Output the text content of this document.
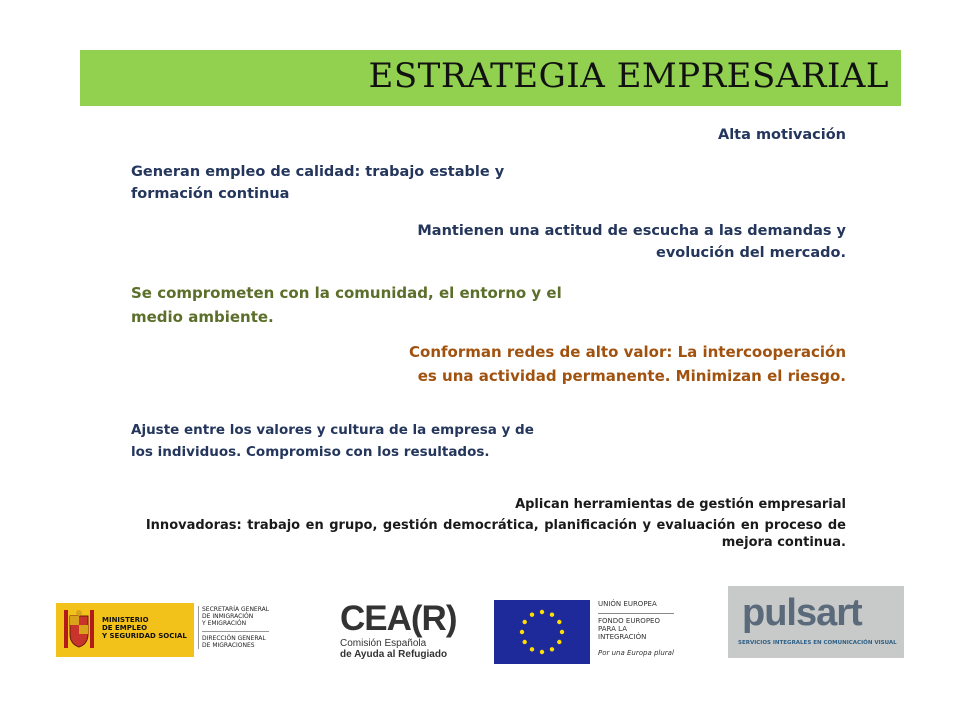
ESTRATEGIA EMPRESARIAL
Alta motivación
Generan empleo de calidad: trabajo estable y
formación continua
Mantienen una actitud de escucha a las demandas y
evolución del mercado.
Se comprometen con la comunidad, el entorno y el
medio ambiente.
Conforman redes de alto valor: La intercooperación
es una actividad permanente. Minimizan el riesgo.
Ajuste entre los valores y cultura de la empresa y de
los individuos. Compromiso con los resultados.
Aplican herramientas de gestión empresarial
Innovadoras: trabajo en grupo, gestión democrática, planificación y evaluación en proceso de
mejora continua.
MINISTERIO
DE EMPLEO
Y SEGURIDAD SOCIAL
SECRETARÍA GENERAL
DE INMIGRACIÓN
Y EMIGRACIÓN
DIRECCIÓN GENERAL
DE MIGRACIONES
CEA(R)
Comisión Española
de Ayuda al Refugiado
UNIÓN EUROPEA
FONDO EUROPEO
PARA LA
INTEGRACIÓN
Por una Europa plural
pulsart
SERVICIOS INTEGRALES EN COMUNICACIÓN VISUAL
